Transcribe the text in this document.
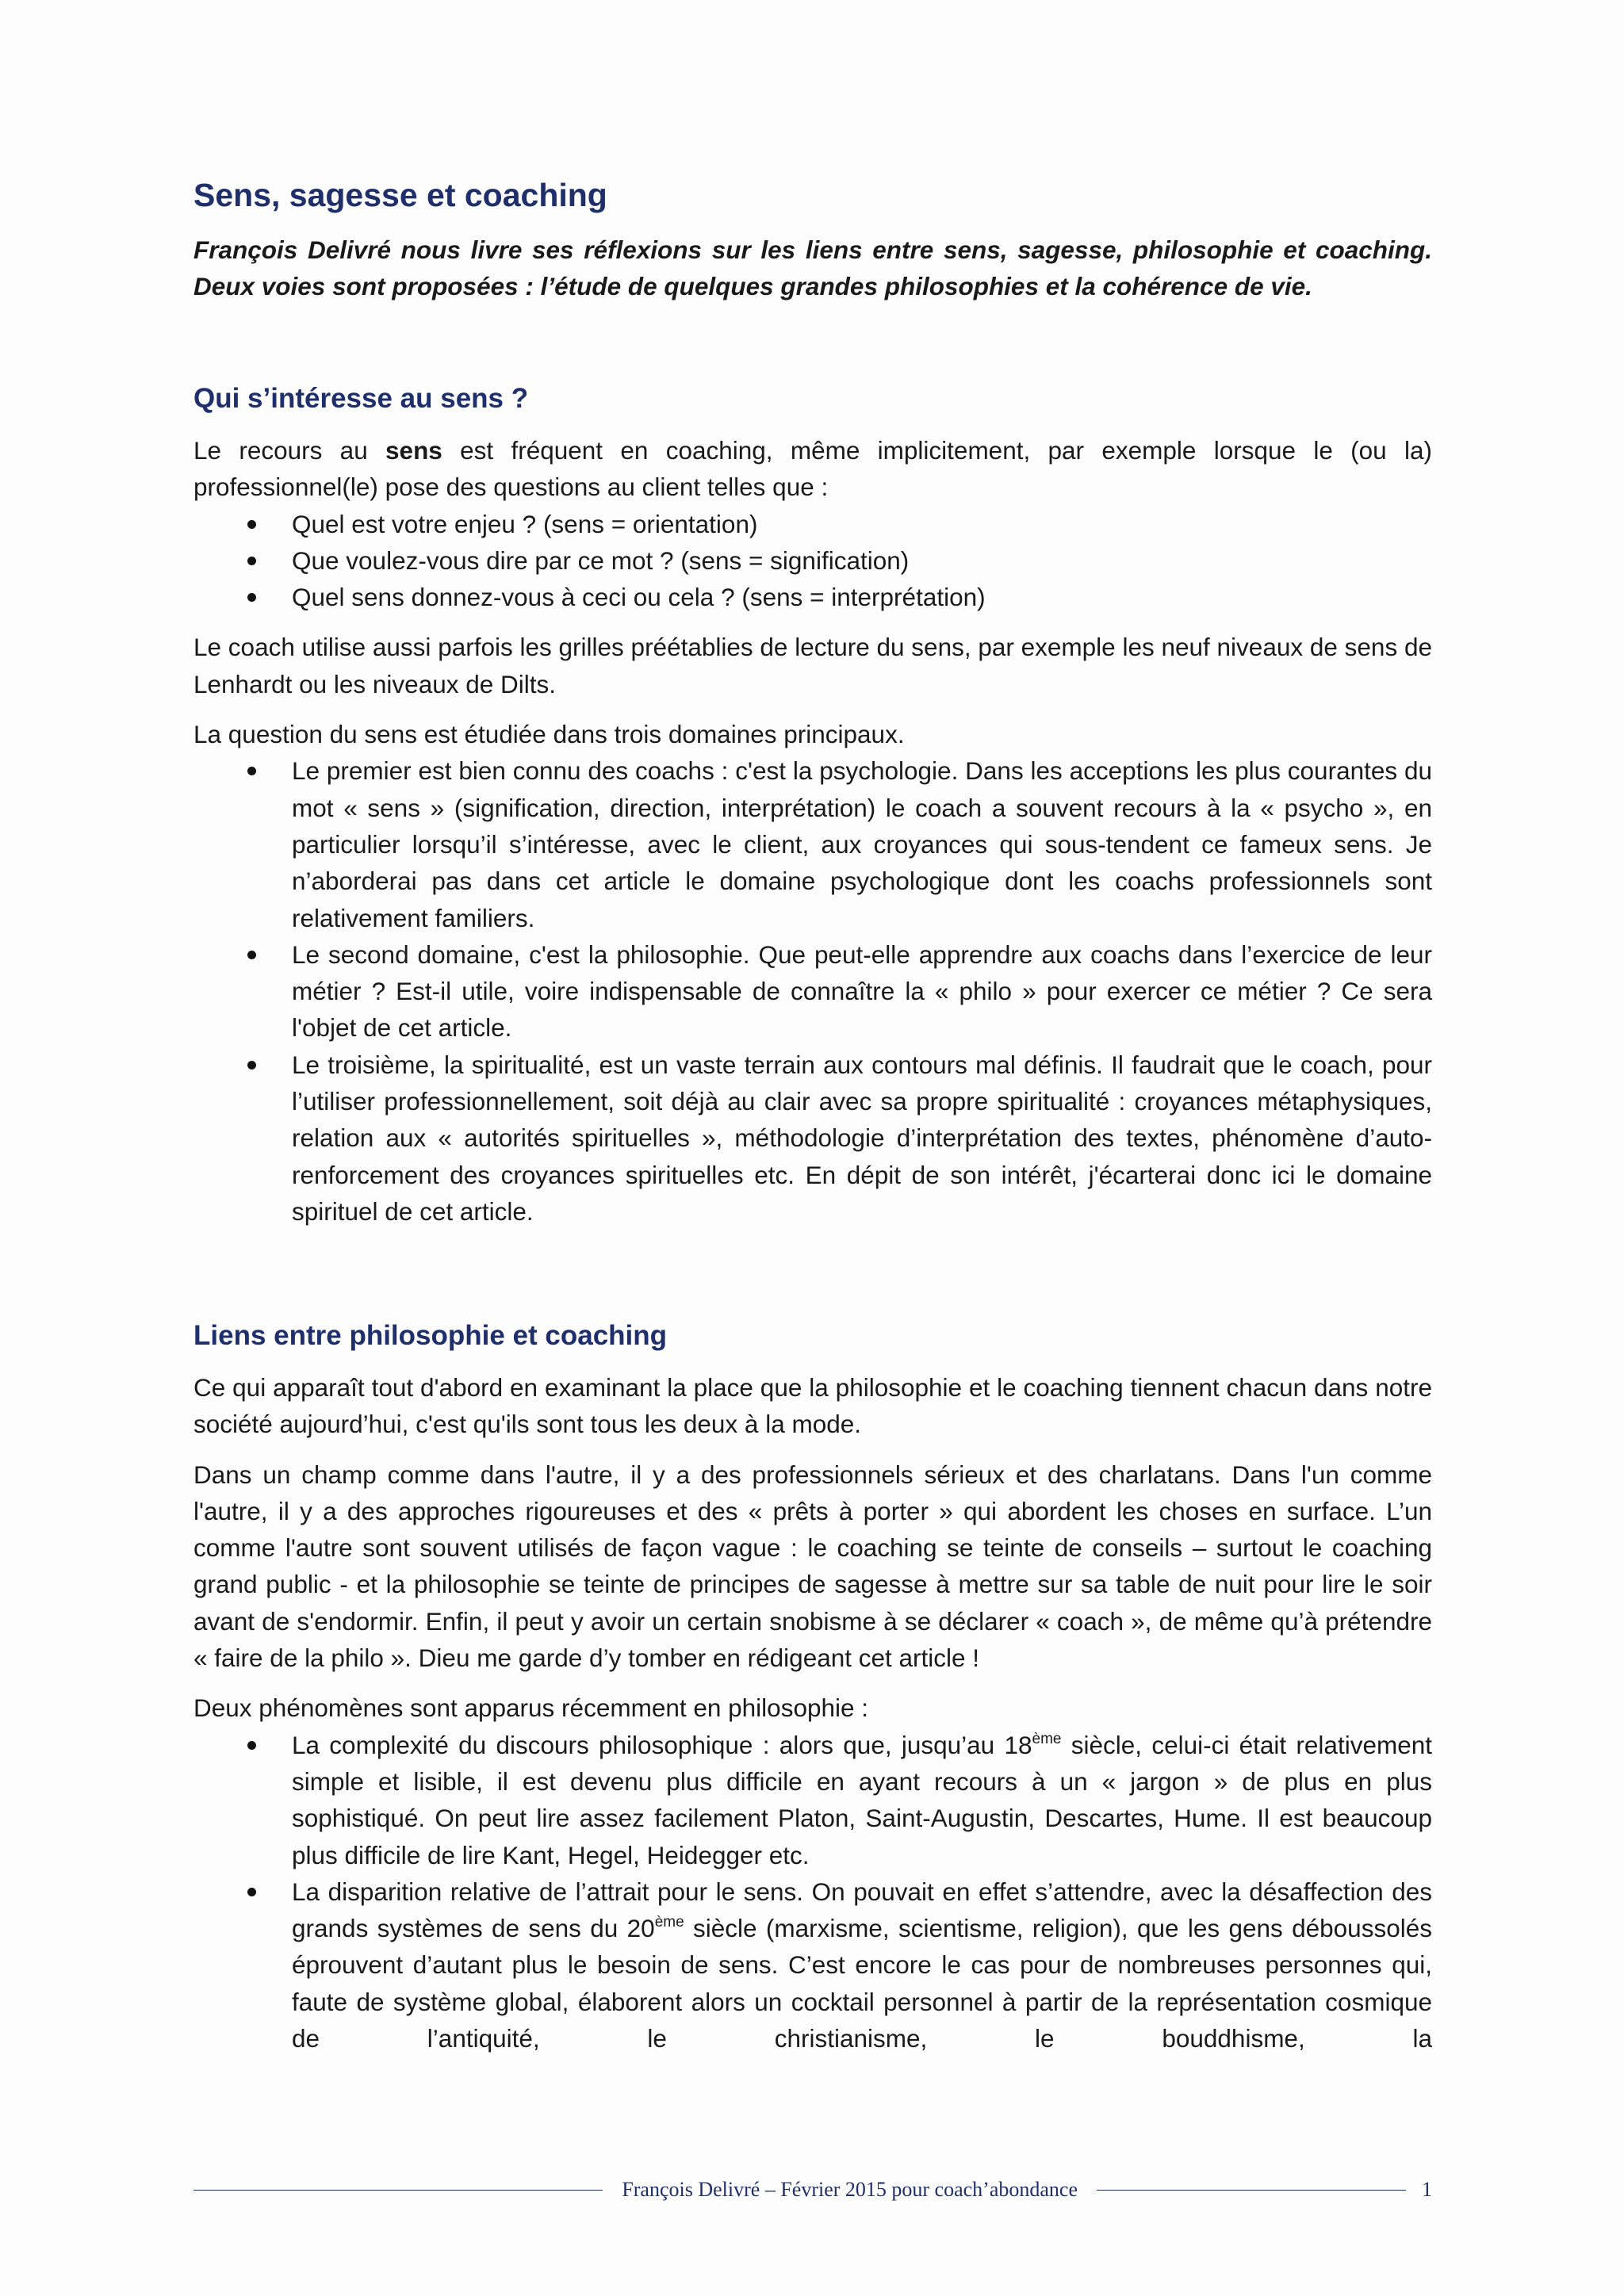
Sens, sagesse et coaching

François Delivré nous livre ses réflexions sur les liens entre sens, sagesse, philosophie et coaching. Deux voies sont proposées : l’étude de quelques grandes philosophies et la cohérence de vie.

Qui s’intéresse au sens ?

Le recours au sens est fréquent en coaching, même implicitement, par exemple lorsque le (ou la) professionnel(le) pose des questions au client telles que :

Quel est votre enjeu ? (sens = orientation)
Que voulez-vous dire par ce mot ? (sens = signification)
Quel sens donnez-vous à ceci ou cela ? (sens = interprétation)

Le coach utilise aussi parfois les grilles préétablies de lecture du sens, par exemple les neuf niveaux de sens de Lenhardt ou les niveaux de Dilts.

La question du sens est étudiée dans trois domaines principaux.

Le premier est bien connu des coachs : c'est la psychologie. Dans les acceptions les plus courantes du mot « sens » (signification, direction, interprétation) le coach a souvent recours à la « psycho », en particulier lorsqu’il s’intéresse, avec le client, aux croyances qui sous-tendent ce fameux sens. Je n’aborderai pas dans cet article le domaine psychologique dont les coachs professionnels sont relativement familiers.
Le second domaine, c'est la philosophie. Que peut-elle apprendre aux coachs dans l’exercice de leur métier ? Est-il utile, voire indispensable de connaître la « philo » pour exercer ce métier ? Ce sera l'objet de cet article.
Le troisième, la spiritualité, est un vaste terrain aux contours mal définis. Il faudrait que le coach, pour l’utiliser professionnellement, soit déjà au clair avec sa propre spiritualité : croyances métaphysiques, relation aux « autorités spirituelles », méthodologie d’interprétation des textes, phénomène d’auto-renforcement des croyances spirituelles etc. En dépit de son intérêt, j'écarterai donc ici le domaine spirituel de cet article.
Liens entre philosophie et coaching

Ce qui apparaît tout d'abord en examinant la place que la philosophie et le coaching tiennent chacun dans notre société aujourd’hui, c'est qu'ils sont tous les deux à la mode.

Dans un champ comme dans l'autre, il y a des professionnels sérieux et des charlatans. Dans l'un comme l'autre, il y a des approches rigoureuses et des « prêts à porter » qui abordent les choses en surface. L’un comme l'autre sont souvent utilisés de façon vague : le coaching se teinte de conseils – surtout le coaching grand public - et la philosophie se teinte de principes de sagesse à mettre sur sa table de nuit pour lire le soir avant de s'endormir. Enfin, il peut y avoir un certain snobisme à se déclarer « coach », de même qu’à prétendre « faire de la philo ». Dieu me garde d’y tomber en rédigeant cet article !

Deux phénomènes sont apparus récemment en philosophie :

La complexité du discours philosophique : alors que, jusqu’au 18ème siècle, celui-ci était relativement simple et lisible, il est devenu plus difficile en ayant recours à un « jargon » de plus en plus sophistiqué. On peut lire assez facilement Platon, Saint-Augustin, Descartes, Hume. Il est beaucoup plus difficile de lire Kant, Hegel, Heidegger etc.
La disparition relative de l’attrait pour le sens. On pouvait en effet s’attendre, avec la désaffection des grands systèmes de sens du 20ème siècle (marxisme, scientisme, religion), que les gens déboussolés éprouvent d’autant plus le besoin de sens. C’est encore le cas pour de nombreuses personnes qui, faute de système global, élaborent alors un cocktail personnel à partir de la représentation cosmique de l’antiquité, le christianisme, le bouddhisme, la
François Delivré – Février 2015 pour coach’abondance	1
